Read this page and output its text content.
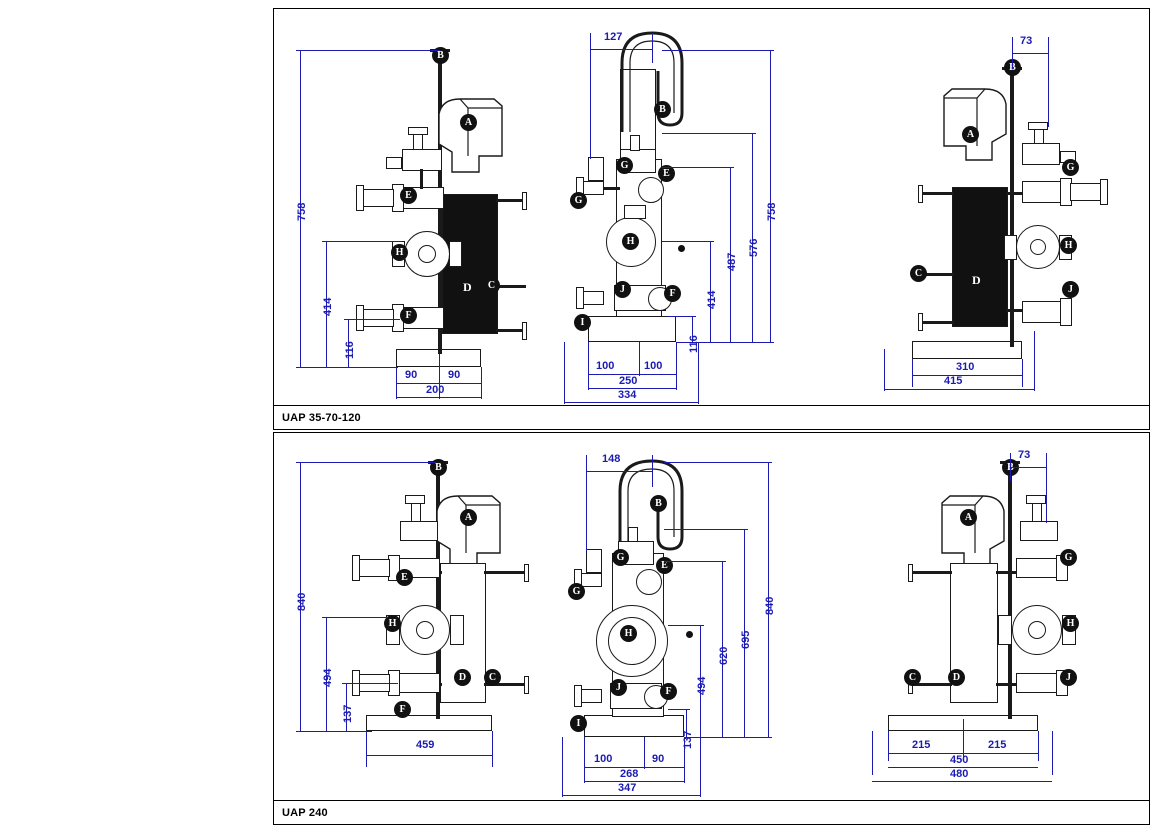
B
A
E
H
C
F
D
758
414
116
90	90
200
B
G
G
E
H
J	F
I
127
758
576
487
414
116
100	100
250
334
B
A
G
H
J
C	D
73
310
415
UAP 35-70-120
B
A
E
H
D	C
F
840
494
137
459
B
G
G
E
H
J	F
I
148
840
695
620
494
137
100	90
268
347
B
A
G
H
J
C	D
73
215	215
450
480
UAP 240
